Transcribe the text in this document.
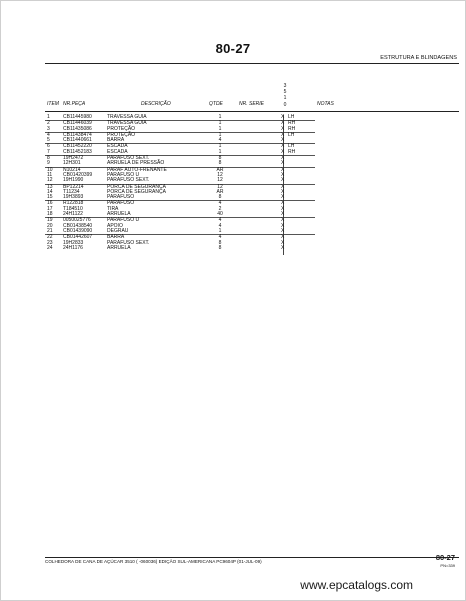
80-27
ESTRUTURA E BLINDAGENS
3
5
1
0
ITEM NR.PEÇA	DESCRIÇÃO	QTDE	NR. SERIE	NOTAS
1	CB11445980	TRAVESSA GUIA	1	X LH
2	CB11446039	TRAVESSA GUIA	1	X RH
3	CB11435086	PROTEÇÃO	1	X RH
4	CB11438474	PROTEÇÃO	1	X LH
5	CB11440661	BARRA	4	X
6	CB11452220	ESCADA	1	X LH
7	CB11452183	ESCADA	1	X RH
8	19H2472	PARAFUSO SEXT.	8	X
9	12H301	ARRUELA DE PRESSÃO	8	X
10 N10214	PARAF AUTO-FRENANTE	AR	X
11 CB01420399	PARAFUSO U	12	X
12 19H1990	PARAFUSO SEXT.	12	X
13 BP12214	PORCA DE SEGURANÇA	12	X
14 T11234	PORCA DE SEGURANÇA	AR	X
15 19H3893	PARAFUSO	8	X
16 R122818	PARAFUSO	4	X
17 T184510	TIRA	2	X
18 24H1122	ARRUELA	40	X
19 0050025776	PARAFUSO U	4	X
20 CB01438540	APOIO	4	X
21 CB01439090	DEGRAU	1	X
22 CB01442607	BARRA	4	X
23 19H2833	PARAFUSO SEXT.	8	X
24 24H1176	ARRUELA	8	X
COLHEDORA DE CANA DE AÇÚCAR 3510 ( -060036) EDIÇÃO SUL-AMERICANA PC9604P (01-JUL-09)	80-27
PN=339
www.epcatalogs.com
